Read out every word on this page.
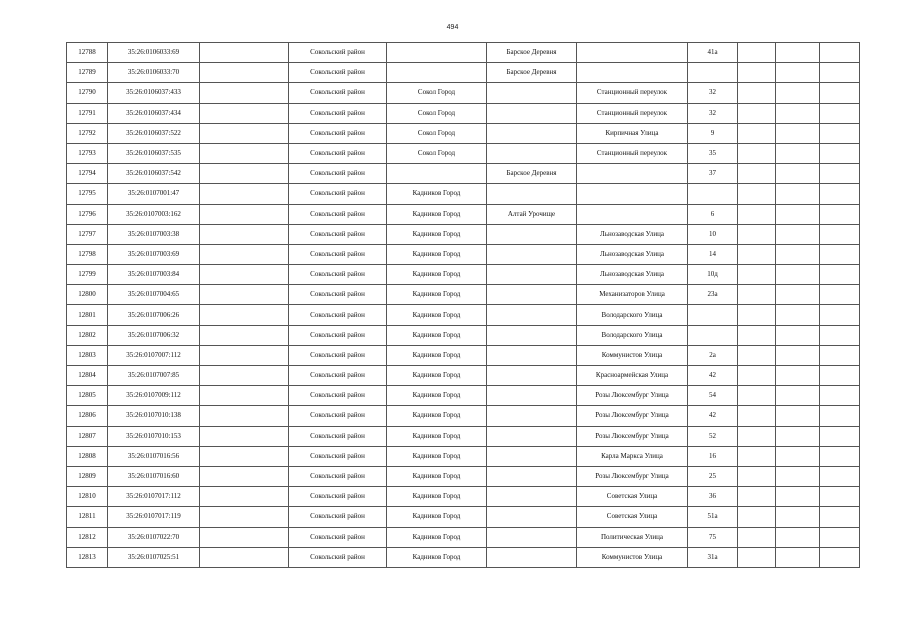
494
12788	35:26:0106033:69		Сокольский район		Барское Деревня		41а			
12789	35:26:0106033:70		Сокольский район		Барское Деревня					
12790	35:26:0106037:433		Сокольский район	Сокол Город		Станционный переулок	32			
12791	35:26:0106037:434		Сокольский район	Сокол Город		Станционный переулок	32			
12792	35:26:0106037:522		Сокольский район	Сокол Город		Кирпичная Улица	9			
12793	35:26:0106037:535		Сокольский район	Сокол Город		Станционный переулок	35			
12794	35:26:0106037:542		Сокольский район		Барское Деревня		37			
12795	35:26:0107001:47		Сокольский район	Кадников Город						
12796	35:26:0107003:162		Сокольский район	Кадников Город	Алтай Урочище		6			
12797	35:26:0107003:38		Сокольский район	Кадников Город		Льнозаводская Улица	10			
12798	35:26:0107003:69		Сокольский район	Кадников Город		Льнозаводская Улица	14			
12799	35:26:0107003:84		Сокольский район	Кадников Город		Льнозаводская Улица	10д			
12800	35:26:0107004:65		Сокольский район	Кадников Город		Механизаторов Улица	23а			
12801	35:26:0107006:26		Сокольский район	Кадников Город		Володарского Улица				
12802	35:26:0107006:32		Сокольский район	Кадников Город		Володарского Улица				
12803	35:26:0107007:112		Сокольский район	Кадников Город		Коммунистов Улица	2а			
12804	35:26:0107007:85		Сокольский район	Кадников Город		Красноармейская Улица	42			
12805	35:26:0107009:112		Сокольский район	Кадников Город		Розы Люксембург Улица	54			
12806	35:26:0107010:138		Сокольский район	Кадников Город		Розы Люксембург Улица	42			
12807	35:26:0107010:153		Сокольский район	Кадников Город		Розы Люксембург Улица	52			
12808	35:26:0107016:56		Сокольский район	Кадников Город		Карла Маркса Улица	16			
12809	35:26:0107016:60		Сокольский район	Кадников Город		Розы Люксембург Улица	25			
12810	35:26:0107017:112		Сокольский район	Кадников Город		Советская Улица	36			
12811	35:26:0107017:119		Сокольский район	Кадников Город		Советская Улица	51а			
12812	35:26:0107022:70		Сокольский район	Кадников Город		Политическая Улица	75			
12813	35:26:0107025:51		Сокольский район	Кадников Город		Коммунистов Улица	31а			
